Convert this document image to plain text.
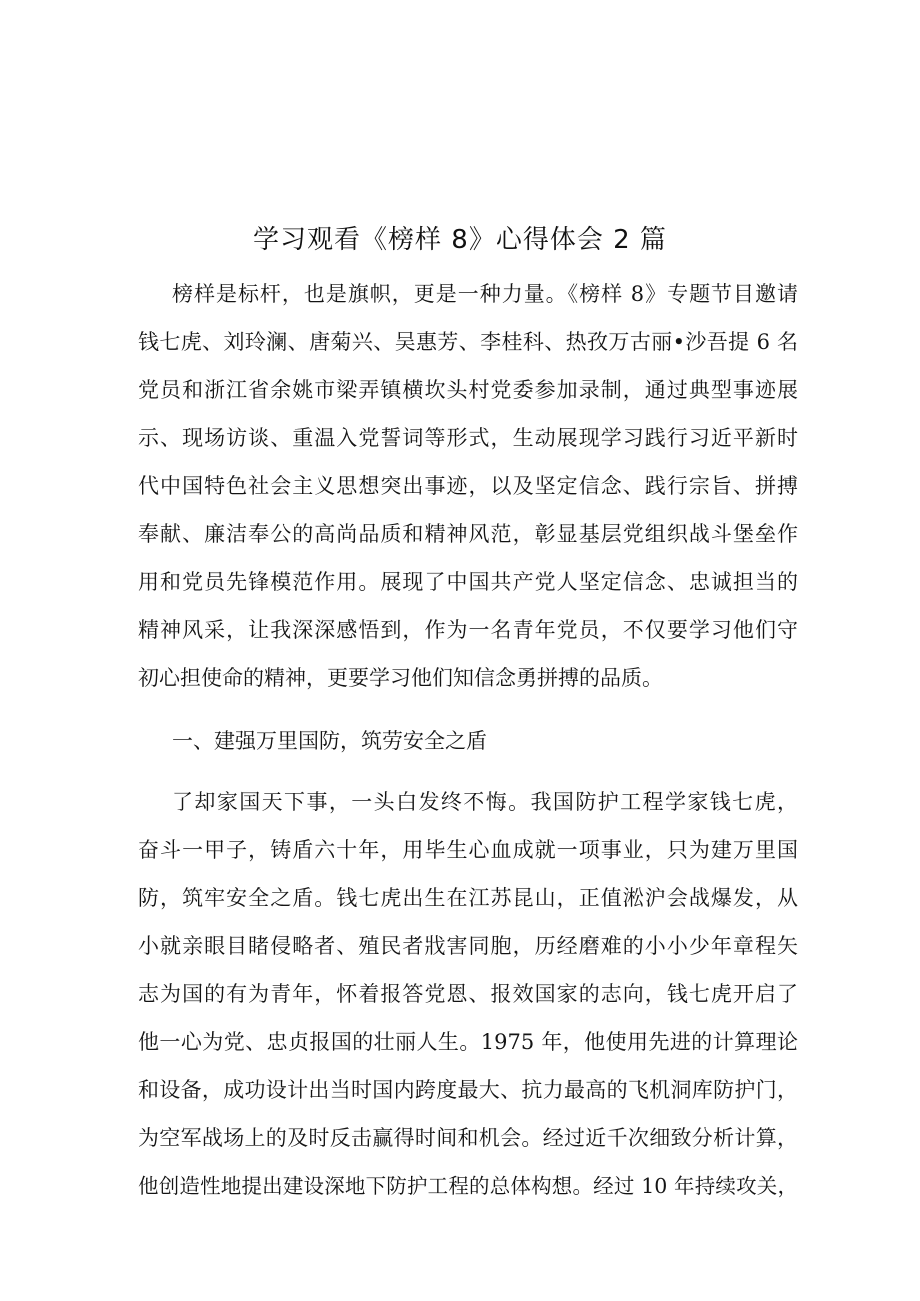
学习观看《榜样 8》心得体会 2 篇
榜样是标杆，也是旗帜，更是一种力量。《榜样 8》专题节目邀请
钱七虎、刘玲澜、唐菊兴、吴惠芳、李桂科、热孜万古丽•沙吾提 6 名
党员和浙江省余姚市梁弄镇横坎头村党委参加录制，通过典型事迹展
示、现场访谈、重温入党誓词等形式，生动展现学习践行习近平新时
代中国特色社会主义思想突出事迹，以及坚定信念、践行宗旨、拼搏
奉献、廉洁奉公的高尚品质和精神风范，彰显基层党组织战斗堡垒作
用和党员先锋模范作用。展现了中国共产党人坚定信念、忠诚担当的
精神风采，让我深深感悟到，作为一名青年党员，不仅要学习他们守
初心担使命的精神，更要学习他们知信念勇拼搏的品质。
一、建强万里国防，筑劳安全之盾
了却家国天下事，一头白发终不悔。我国防护工程学家钱七虎，
奋斗一甲子，铸盾六十年，用毕生心血成就一项事业，只为建万里国
防，筑牢安全之盾。钱七虎出生在江苏昆山，正值淞沪会战爆发，从
小就亲眼目睹侵略者、殖民者戕害同胞，历经磨难的小小少年章程矢
志为国的有为青年，怀着报答党恩、报效国家的志向，钱七虎开启了
他一心为党、忠贞报国的壮丽人生。1975 年，他使用先进的计算理论
和设备，成功设计出当时国内跨度最大、抗力最高的飞机洞库防护门，
为空军战场上的及时反击赢得时间和机会。经过近千次细致分析计算，
他创造性地提出建设深地下防护工程的总体构想。经过 10 年持续攻关，
